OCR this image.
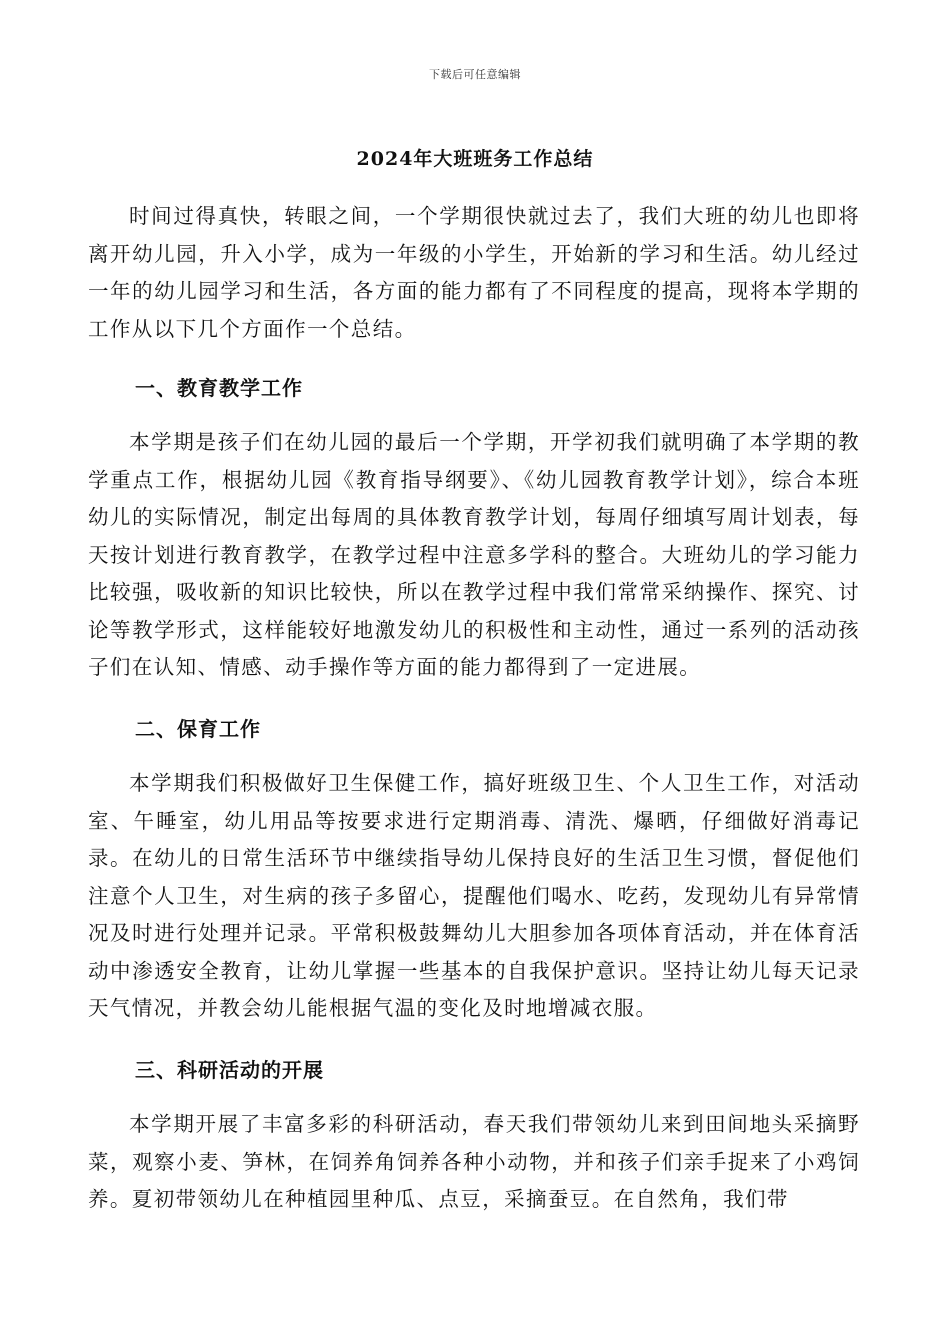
下载后可任意编辑
2024年大班班务工作总结

时间过得真快，转眼之间，一个学期很快就过去了，我们大班的幼儿也即将离开幼儿园，升入小学，成为一年级的小学生，开始新的学习和生活。幼儿经过一年的幼儿园学习和生活，各方面的能力都有了不同程度的提高，现将本学期的工作从以下几个方面作一个总结。

一、教育教学工作

本学期是孩子们在幼儿园的最后一个学期，开学初我们就明确了本学期的教学重点工作，根据幼儿园《教育指导纲要》、《幼儿园教育教学计划》，综合本班幼儿的实际情况，制定出每周的具体教育教学计划，每周仔细填写周计划表，每天按计划进行教育教学，在教学过程中注意多学科的整合。大班幼儿的学习能力比较强，吸收新的知识比较快，所以在教学过程中我们常常采纳操作、探究、讨论等教学形式，这样能较好地激发幼儿的积极性和主动性，通过一系列的活动孩子们在认知、情感、动手操作等方面的能力都得到了一定进展。

二、保育工作

本学期我们积极做好卫生保健工作，搞好班级卫生、个人卫生工作，对活动室、午睡室，幼儿用品等按要求进行定期消毒、清洗、爆晒，仔细做好消毒记录。在幼儿的日常生活环节中继续指导幼儿保持良好的生活卫生习惯，督促他们注意个人卫生，对生病的孩子多留心，提醒他们喝水、吃药，发现幼儿有异常情况及时进行处理并记录。平常积极鼓舞幼儿大胆参加各项体育活动，并在体育活动中渗透安全教育，让幼儿掌握一些基本的自我保护意识。坚持让幼儿每天记录天气情况，并教会幼儿能根据气温的变化及时地增减衣服。

三、科研活动的开展

本学期开展了丰富多彩的科研活动，春天我们带领幼儿来到田间地头采摘野菜，观察小麦、笋林，在饲养角饲养各种小动物，并和孩子们亲手捉来了小鸡饲养。夏初带领幼儿在种植园里种瓜、点豆，采摘蚕豆。在自然角，我们带
